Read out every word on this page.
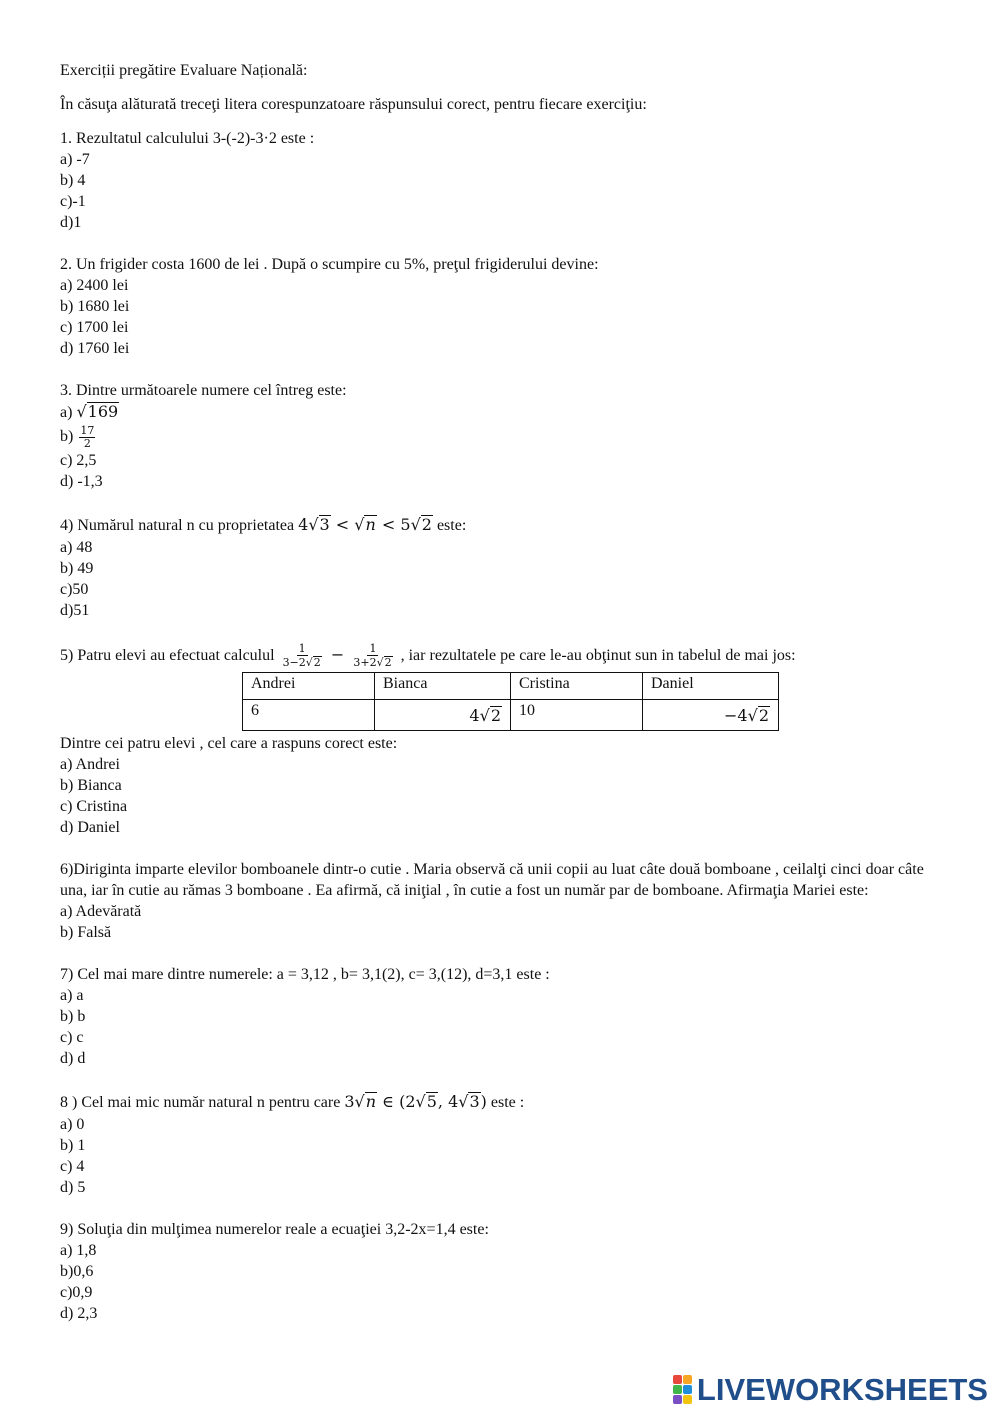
Exerciții pregătire Evaluare Națională:

În căsuţa alăturată treceţi litera corespunzatoare răspunsului corect, pentru fiecare exerciţiu:

1. Rezultatul calculului 3-(-2)-3·2 este :

a) -7

b) 4

c)-1

d)1

2. Un frigider costa 1600 de lei . După o scumpire cu 5%, preţul frigiderului devine:

a) 2400 lei

b) 1680 lei

c) 1700 lei

d) 1760 lei

3. Dintre următoarele numere cel întreg este:

a) √169

$b) \frac{17}{2}$

c) 2,5

d) -1,3

4) Numărul natural n cu proprietatea 4√3 < √n < 5√2 este:

a) 48

b) 49

c)50

d)51

5) Patru elevi au efectuat calculul $\frac{1}{3-2√2} - \frac{1}{3+2√2}$ , iar rezultatele pe care le-au obţinut sun in tabelul de mai jos:

Andrei	Bianca	Cristina	Daniel
6	4√2	10	−4√2

Dintre cei patru elevi , cel care a raspuns corect este:

a) Andrei

b) Bianca

c) Cristina

d) Daniel

6)Diriginta imparte elevilor bomboanele dintr-o cutie . Maria observă că unii copii au luat câte două bomboane , ceilalţi cinci doar câte una, iar în cutie au rămas 3 bomboane . Ea afirmă, că iniţial , în cutie a fost un număr par de bomboane. Afirmaţia Mariei este:

a) Adevărată

b) Falsă

7) Cel mai mare dintre numerele: a = 3,12 , b= 3,1(2), c= 3,(12), d=3,1 este :

a) a

b) b

c) c

d) d

8 ) Cel mai mic număr natural n pentru care 3√n ∈ (2√5, 4√3) este :

a) 0

b) 1

c) 4

d) 5

9) Soluţia din mulţimea numerelor reale a ecuaţiei 3,2-2x=1,4 este:

a) 1,8

b)0,6

c)0,9

d) 2,3

LIVEWORKSHEETS
